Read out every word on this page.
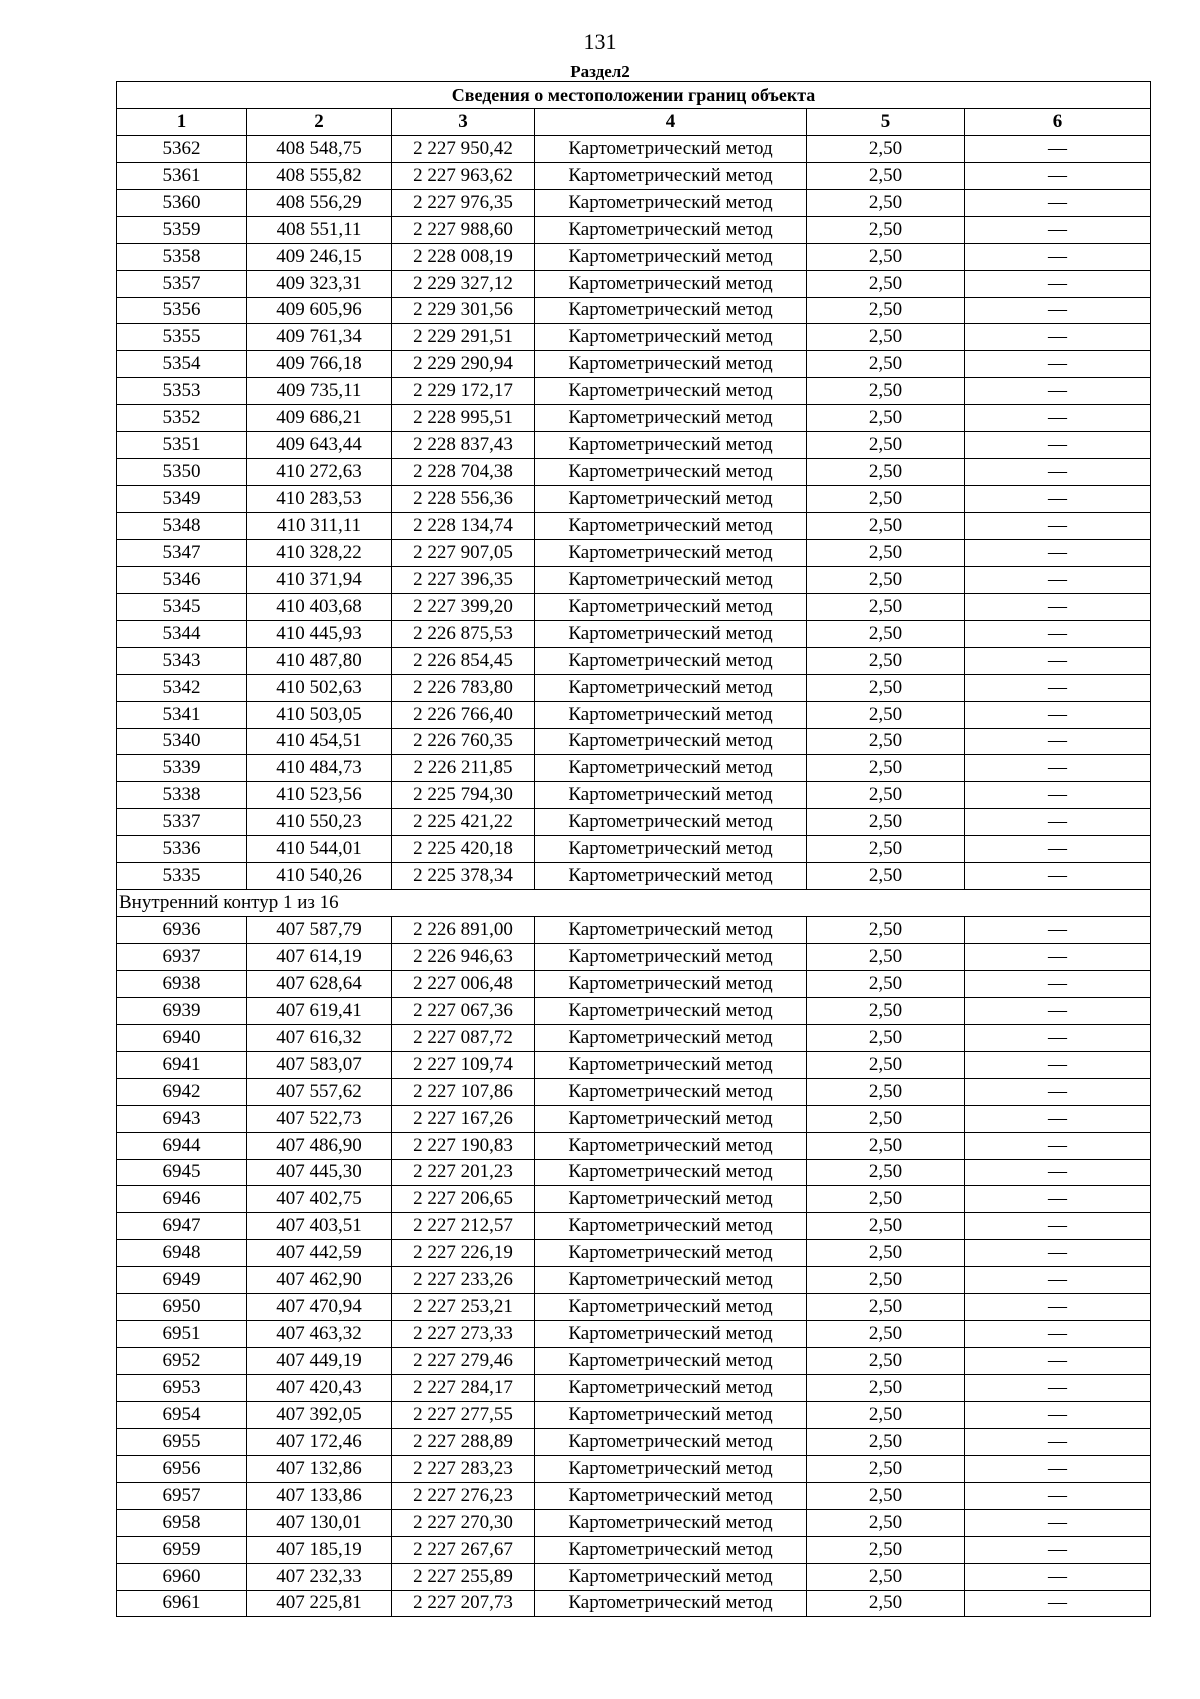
131
Раздел2
Сведения о местоположении границ объекта					
1	2	3	4	5	6
5362	408 548,75	2 227 950,42	Картометрический метод	2,50	—
5361	408 555,82	2 227 963,62	Картометрический метод	2,50	—
5360	408 556,29	2 227 976,35	Картометрический метод	2,50	—
5359	408 551,11	2 227 988,60	Картометрический метод	2,50	—
5358	409 246,15	2 228 008,19	Картометрический метод	2,50	—
5357	409 323,31	2 229 327,12	Картометрический метод	2,50	—
5356	409 605,96	2 229 301,56	Картометрический метод	2,50	—
5355	409 761,34	2 229 291,51	Картометрический метод	2,50	—
5354	409 766,18	2 229 290,94	Картометрический метод	2,50	—
5353	409 735,11	2 229 172,17	Картометрический метод	2,50	—
5352	409 686,21	2 228 995,51	Картометрический метод	2,50	—
5351	409 643,44	2 228 837,43	Картометрический метод	2,50	—
5350	410 272,63	2 228 704,38	Картометрический метод	2,50	—
5349	410 283,53	2 228 556,36	Картометрический метод	2,50	—
5348	410 311,11	2 228 134,74	Картометрический метод	2,50	—
5347	410 328,22	2 227 907,05	Картометрический метод	2,50	—
5346	410 371,94	2 227 396,35	Картометрический метод	2,50	—
5345	410 403,68	2 227 399,20	Картометрический метод	2,50	—
5344	410 445,93	2 226 875,53	Картометрический метод	2,50	—
5343	410 487,80	2 226 854,45	Картометрический метод	2,50	—
5342	410 502,63	2 226 783,80	Картометрический метод	2,50	—
5341	410 503,05	2 226 766,40	Картометрический метод	2,50	—
5340	410 454,51	2 226 760,35	Картометрический метод	2,50	—
5339	410 484,73	2 226 211,85	Картометрический метод	2,50	—
5338	410 523,56	2 225 794,30	Картометрический метод	2,50	—
5337	410 550,23	2 225 421,22	Картометрический метод	2,50	—
5336	410 544,01	2 225 420,18	Картометрический метод	2,50	—
5335	410 540,26	2 225 378,34	Картометрический метод	2,50	—
Внутренний контур 1 из 16					
6936	407 587,79	2 226 891,00	Картометрический метод	2,50	—
6937	407 614,19	2 226 946,63	Картометрический метод	2,50	—
6938	407 628,64	2 227 006,48	Картометрический метод	2,50	—
6939	407 619,41	2 227 067,36	Картометрический метод	2,50	—
6940	407 616,32	2 227 087,72	Картометрический метод	2,50	—
6941	407 583,07	2 227 109,74	Картометрический метод	2,50	—
6942	407 557,62	2 227 107,86	Картометрический метод	2,50	—
6943	407 522,73	2 227 167,26	Картометрический метод	2,50	—
6944	407 486,90	2 227 190,83	Картометрический метод	2,50	—
6945	407 445,30	2 227 201,23	Картометрический метод	2,50	—
6946	407 402,75	2 227 206,65	Картометрический метод	2,50	—
6947	407 403,51	2 227 212,57	Картометрический метод	2,50	—
6948	407 442,59	2 227 226,19	Картометрический метод	2,50	—
6949	407 462,90	2 227 233,26	Картометрический метод	2,50	—
6950	407 470,94	2 227 253,21	Картометрический метод	2,50	—
6951	407 463,32	2 227 273,33	Картометрический метод	2,50	—
6952	407 449,19	2 227 279,46	Картометрический метод	2,50	—
6953	407 420,43	2 227 284,17	Картометрический метод	2,50	—
6954	407 392,05	2 227 277,55	Картометрический метод	2,50	—
6955	407 172,46	2 227 288,89	Картометрический метод	2,50	—
6956	407 132,86	2 227 283,23	Картометрический метод	2,50	—
6957	407 133,86	2 227 276,23	Картометрический метод	2,50	—
6958	407 130,01	2 227 270,30	Картометрический метод	2,50	—
6959	407 185,19	2 227 267,67	Картометрический метод	2,50	—
6960	407 232,33	2 227 255,89	Картометрический метод	2,50	—
6961	407 225,81	2 227 207,73	Картометрический метод	2,50	—
